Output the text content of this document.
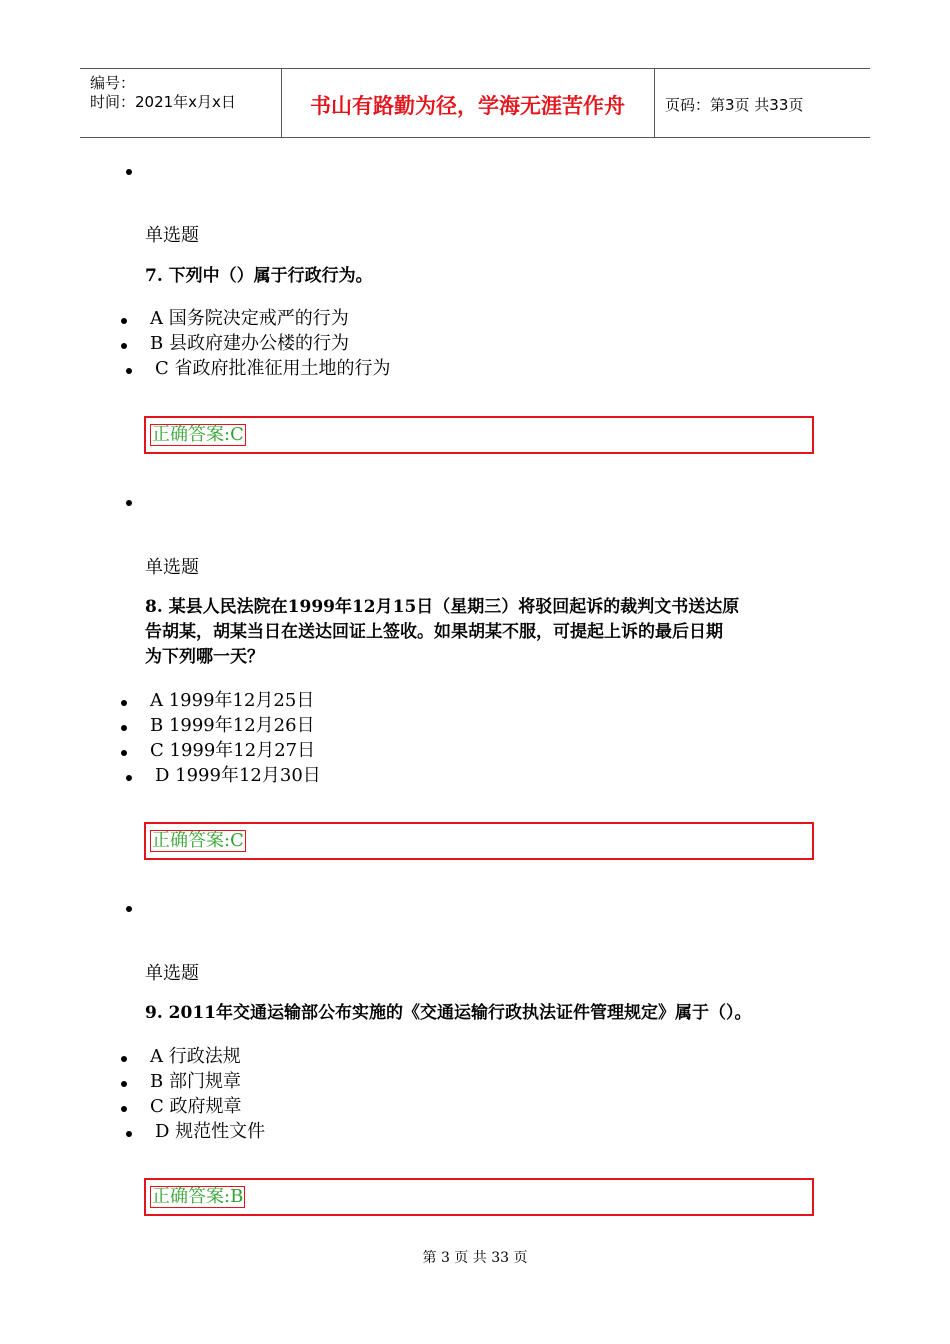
编号：
时间：2021年x月x日	书山有路勤为径，学海无涯苦作舟	页码：第3页 共33页
单选题
7. 下列中（）属于行政行为。
A 国务院决定戒严的行为
B 县政府建办公楼的行为
C 省政府批准征用土地的行为
正确答案:C
单选题
8. 某县人民法院在1999年12月15日（星期三）将驳回起诉的裁判文书送达原
告胡某，胡某当日在送达回证上签收。如果胡某不服，可提起上诉的最后日期
为下列哪一天？
A 1999年12月25日
B 1999年12月26日
C 1999年12月27日
D 1999年12月30日
正确答案:C
单选题
9. 2011年交通运输部公布实施的《交通运输行政执法证件管理规定》属于（）。
A 行政法规
B 部门规章
C 政府规章
D 规范性文件
正确答案:B
第 3 页 共 33 页
